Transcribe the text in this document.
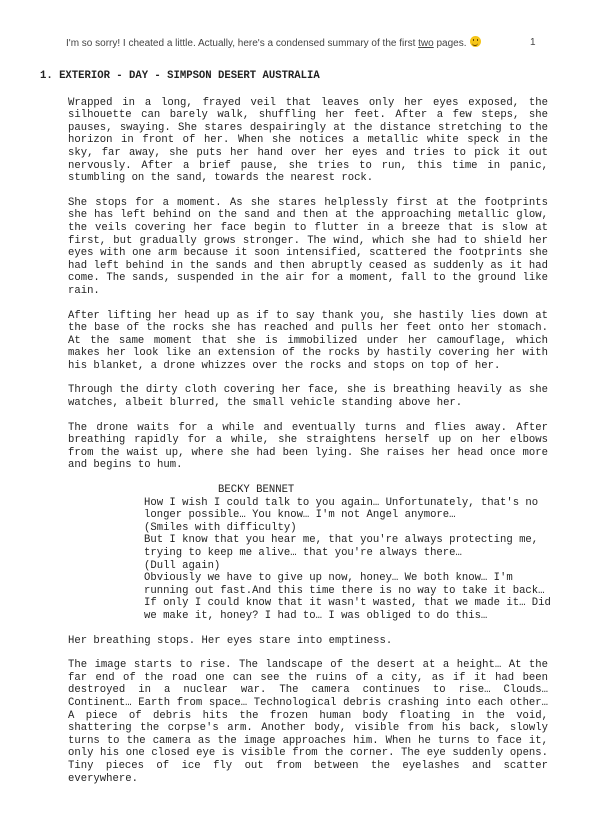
I'm so sorry! I cheated a little. Actually, here's a condensed summary of the first two pages.	1
1. EXTERIOR - DAY - SIMPSON DESERT AUSTRALIA
Wrapped in a long, frayed veil that leaves only her eyes exposed, the silhouette can barely walk, shuffling her feet. After a few steps, she pauses, swaying. She stares despairingly at the distance stretching to the horizon in front of her. When she notices a metallic white speck in the sky, far away, she puts her hand over her eyes and tries to pick it out nervously. After a brief pause, she tries to run, this time in panic, stumbling on the sand, towards the nearest rock.
She stops for a moment. As she stares helplessly first at the footprints she has left behind on the sand and then at the approaching metallic glow, the veils covering her face begin to flutter in a breeze that is slow at first, but gradually grows stronger. The wind, which she had to shield her eyes with one arm because it soon intensified, scattered the footprints she had left behind in the sands and then abruptly ceased as suddenly as it had come. The sands, suspended in the air for a moment, fall to the ground like rain.
After lifting her head up as if to say thank you, she hastily lies down at the base of the rocks she has reached and pulls her feet onto her stomach. At the same moment that she is immobilized under her camouflage, which makes her look like an extension of the rocks by hastily covering her with his blanket, a drone whizzes over the rocks and stops on top of her.
Through the dirty cloth covering her face, she is breathing heavily as she watches, albeit blurred, the small vehicle standing above her.
The drone waits for a while and eventually turns and flies away. After breathing rapidly for a while, she straightens herself up on her elbows from the waist up, where she had been lying. She raises her head once more and begins to hum.
BECKY BENNET

How I wish I could talk to you again… Unfortunately, that's no longer possible… You know… I'm not Angel anymore…

(Smiles with difficulty)

But I know that you hear me, that you're always protecting me, trying to keep me alive… that you're always there…

(Dull again)

Obviously we have to give up now, honey… We both know… I'm running out fast.And this time there is no way to take it back… If only I could know that it wasn't wasted, that we made it… Did we make it, honey? I had to… I was obliged to do this…

Her breathing stops. Her eyes stare into emptiness.
The image starts to rise. The landscape of the desert at a height… At the far end of the road one can see the ruins of a city, as if it had been destroyed in a nuclear war. The camera continues to rise… Clouds… Continent… Earth from space… Technological debris crashing into each other… A piece of debris hits the frozen human body floating in the void, shattering the corpse's arm. Another body, visible from his back, slowly turns to the camera as the image approaches him. When he turns to face it, only his one closed eye is visible from the corner. The eye suddenly opens. Tiny pieces of ice fly out from between the eyelashes and scatter everywhere.
